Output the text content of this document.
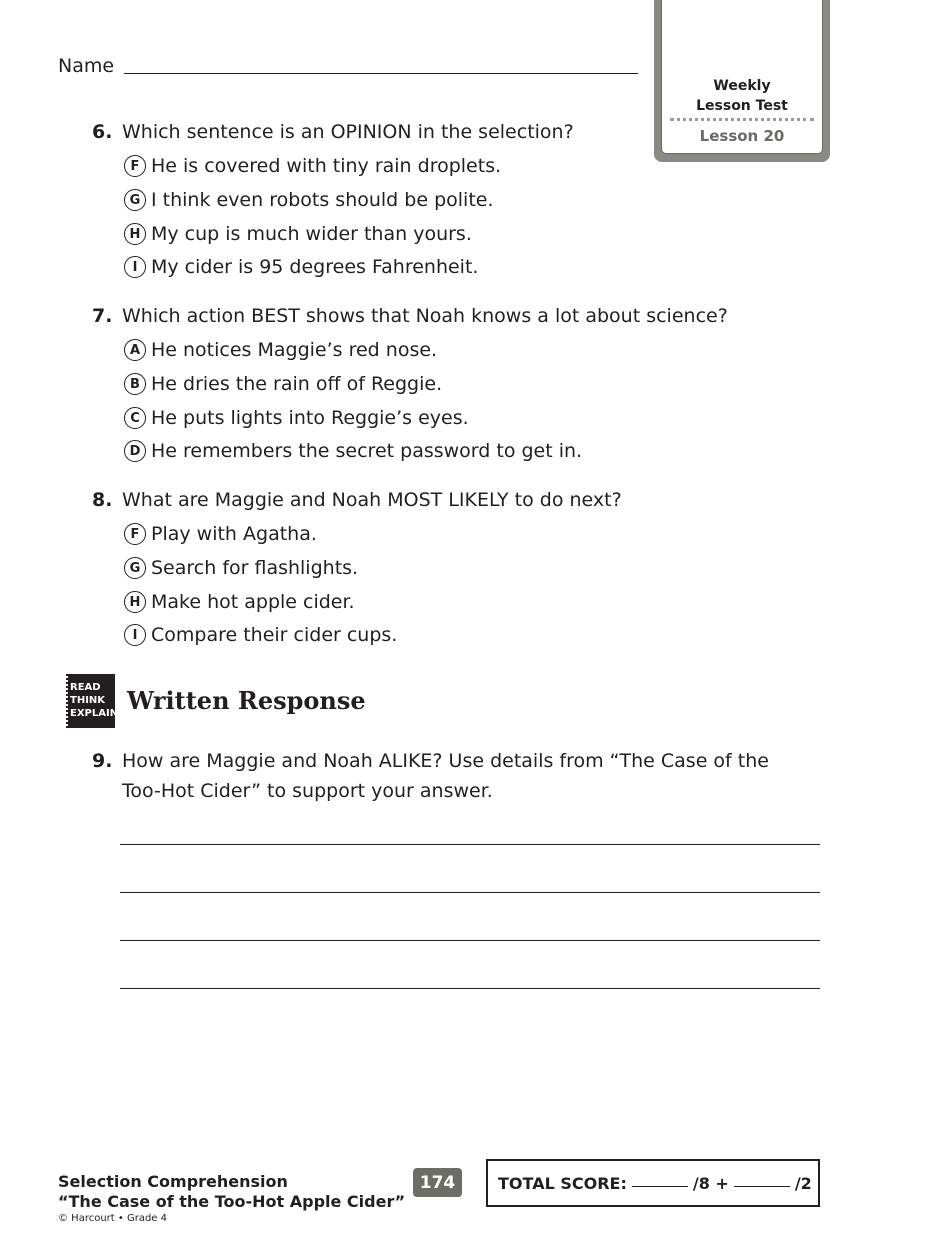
Name
Weekly
Lesson Test
Lesson 20
6. Which sentence is an OPINION in the selection?
F He is covered with tiny rain droplets.
G I think even robots should be polite.
H My cup is much wider than yours.
I My cider is 95 degrees Fahrenheit.
7. Which action BEST shows that Noah knows a lot about science?
A He notices Maggie’s red nose.
B He dries the rain off of Reggie.
C He puts lights into Reggie’s eyes.
D He remembers the secret password to get in.
8. What are Maggie and Noah MOST LIKELY to do next?
F Play with Agatha.
G Search for flashlights.
H Make hot apple cider.
I Compare their cider cups.
READ
THINK
EXPLAIN Written Response
9. How are Maggie and Noah ALIKE? Use details from “The Case of the Too-Hot Cider” to support your answer.
Selection Comprehension
“The Case of the Too-Hot Apple Cider”
© Harcourt • Grade 4
174	TOTAL SCORE:	/8 +	/2
